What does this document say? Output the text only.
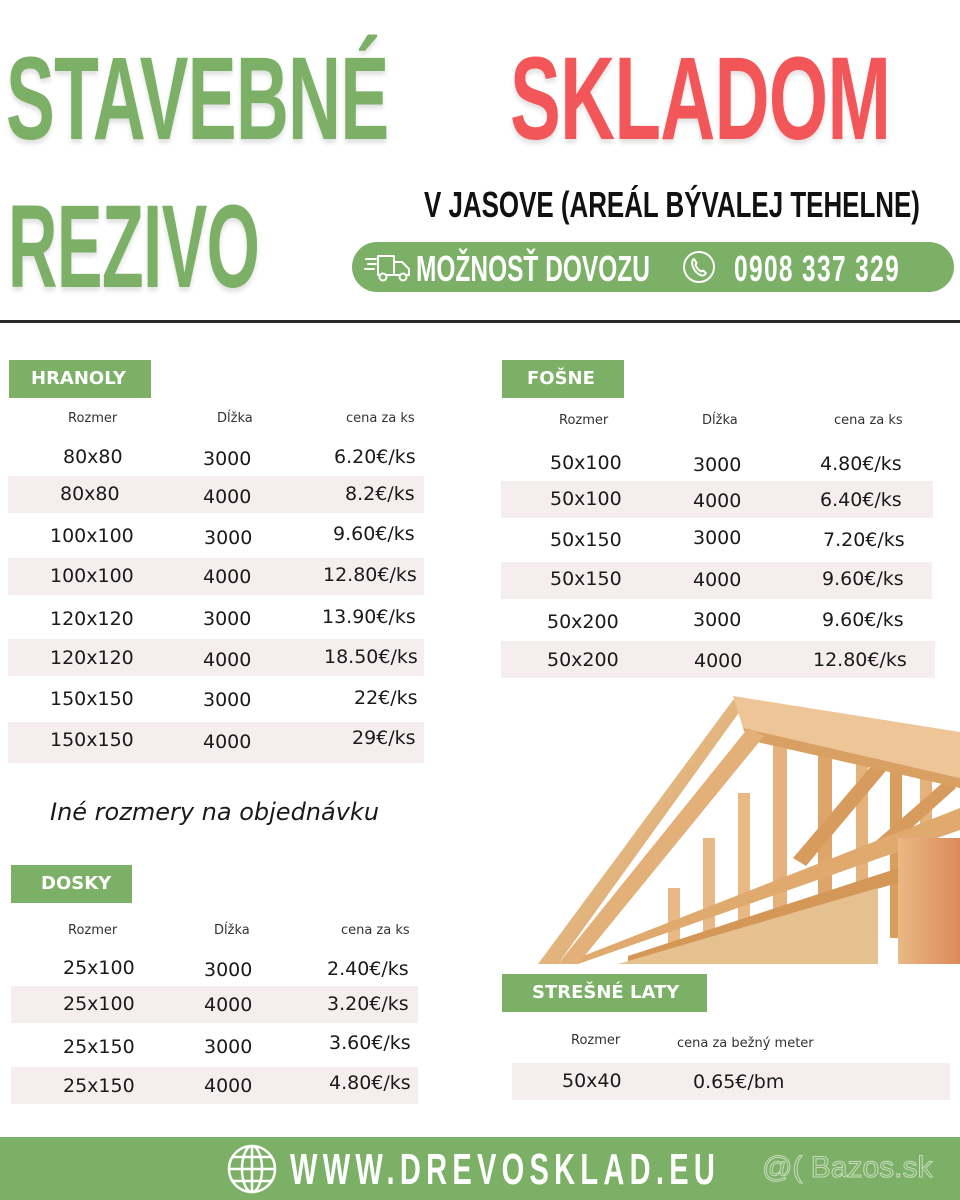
STAVEBNÉ SKLADOM
REZIVO	V JASOVE (AREÁL BÝVALEJ TEHELNE)
MOŽNOSŤ DOVOZU 0908 337 329
HRANOLY
Rozmer	Dĺžka	cena za ks
80x80	3000	6.20€/ks
80x80	4000	8.2€/ks
100x100	3000	9.60€/ks
100x100	4000	12.80€/ks
120x120	3000	13.90€/ks
120x120	4000	18.50€/ks
150x150	3000	22€/ks
150x150	4000	29€/ks
Iné rozmery na objednávku
DOSKY
Rozmer	Dĺžka	cena za ks
25x100	3000	2.40€/ks
25x100	4000	3.20€/ks
25x150	3000	3.60€/ks
25x150	4000	4.80€/ks
FOŠNE
Rozmer	Dĺžka	cena za ks
50x100	3000	4.80€/ks
50x100	4000	6.40€/ks
50x150	3000	7.20€/ks
50x150	4000	9.60€/ks
50x200	3000	9.60€/ks
50x200	4000	12.80€/ks
STREŠNÉ LATY
Rozmer	cena za bežný meter
50x40	0.65€/bm
WWW.DREVOSKLAD.EU @( Bazos.sk
